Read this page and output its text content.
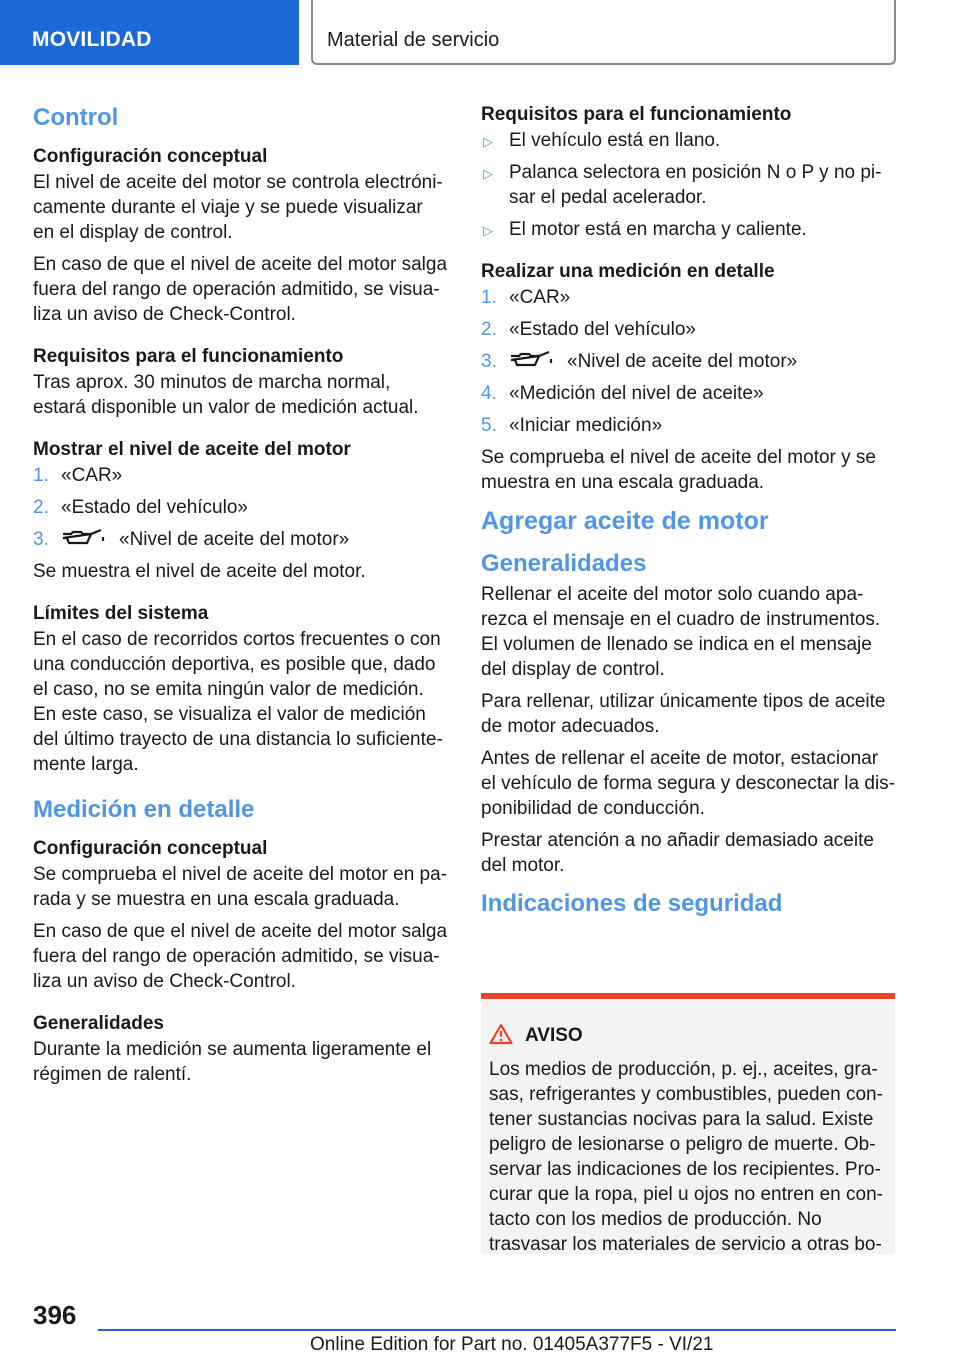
MOVILIDAD	Material de servicio
Control
Configuración conceptual
El nivel de aceite del motor se controla electróni-camente durante el viaje y se puede visualizar en el display de control.
En caso de que el nivel de aceite del motor salga fuera del rango de operación admitido, se visua-liza un aviso de Check-Control.
Requisitos para el funcionamiento
Tras aprox. 30 minutos de marcha normal, estará disponible un valor de medición actual.
Mostrar el nivel de aceite del motor
1. «CAR»
2. «Estado del vehículo»
3.	«Nivel de aceite del motor»
Se muestra el nivel de aceite del motor.
Límites del sistema
En el caso de recorridos cortos frecuentes o con una conducción deportiva, es posible que, dado el caso, no se emita ningún valor de medición. En este caso, se visualiza el valor de medición del último trayecto de una distancia lo suficiente-mente larga.
Medición en detalle
Configuración conceptual
Se comprueba el nivel de aceite del motor en pa-rada y se muestra en una escala graduada.
En caso de que el nivel de aceite del motor salga fuera del rango de operación admitido, se visua-liza un aviso de Check-Control.
Generalidades
Durante la medición se aumenta ligeramente el régimen de ralentí.
Requisitos para el funcionamiento
▷ El vehículo está en llano.
▷ Palanca selectora en posición N o P y no pi-sar el pedal acelerador.
▷ El motor está en marcha y caliente.
Realizar una medición en detalle
1. «CAR»
2. «Estado del vehículo»
3.	«Nivel de aceite del motor»
4. «Medición del nivel de aceite»
5. «Iniciar medición»
Se comprueba el nivel de aceite del motor y se muestra en una escala graduada.
Agregar aceite de motor
Generalidades
Rellenar el aceite del motor solo cuando apa-rezca el mensaje en el cuadro de instrumentos. El volumen de llenado se indica en el mensaje del display de control.
Para rellenar, utilizar únicamente tipos de aceite de motor adecuados.
Antes de rellenar el aceite de motor, estacionar el vehículo de forma segura y desconectar la dis-ponibilidad de conducción.
Prestar atención a no añadir demasiado aceite del motor.
Indicaciones de seguridad
AVISO
Los medios de producción, p. ej., aceites, gra-sas, refrigerantes y combustibles, pueden con-tener sustancias nocivas para la salud. Existe peligro de lesionarse o peligro de muerte. Ob-servar las indicaciones de los recipientes. Pro-curar que la ropa, piel u ojos no entren en con-tacto con los medios de producción. No trasvasar los materiales de servicio a otras bo-
396
Online Edition for Part no. 01405A377F5 - VI/21
